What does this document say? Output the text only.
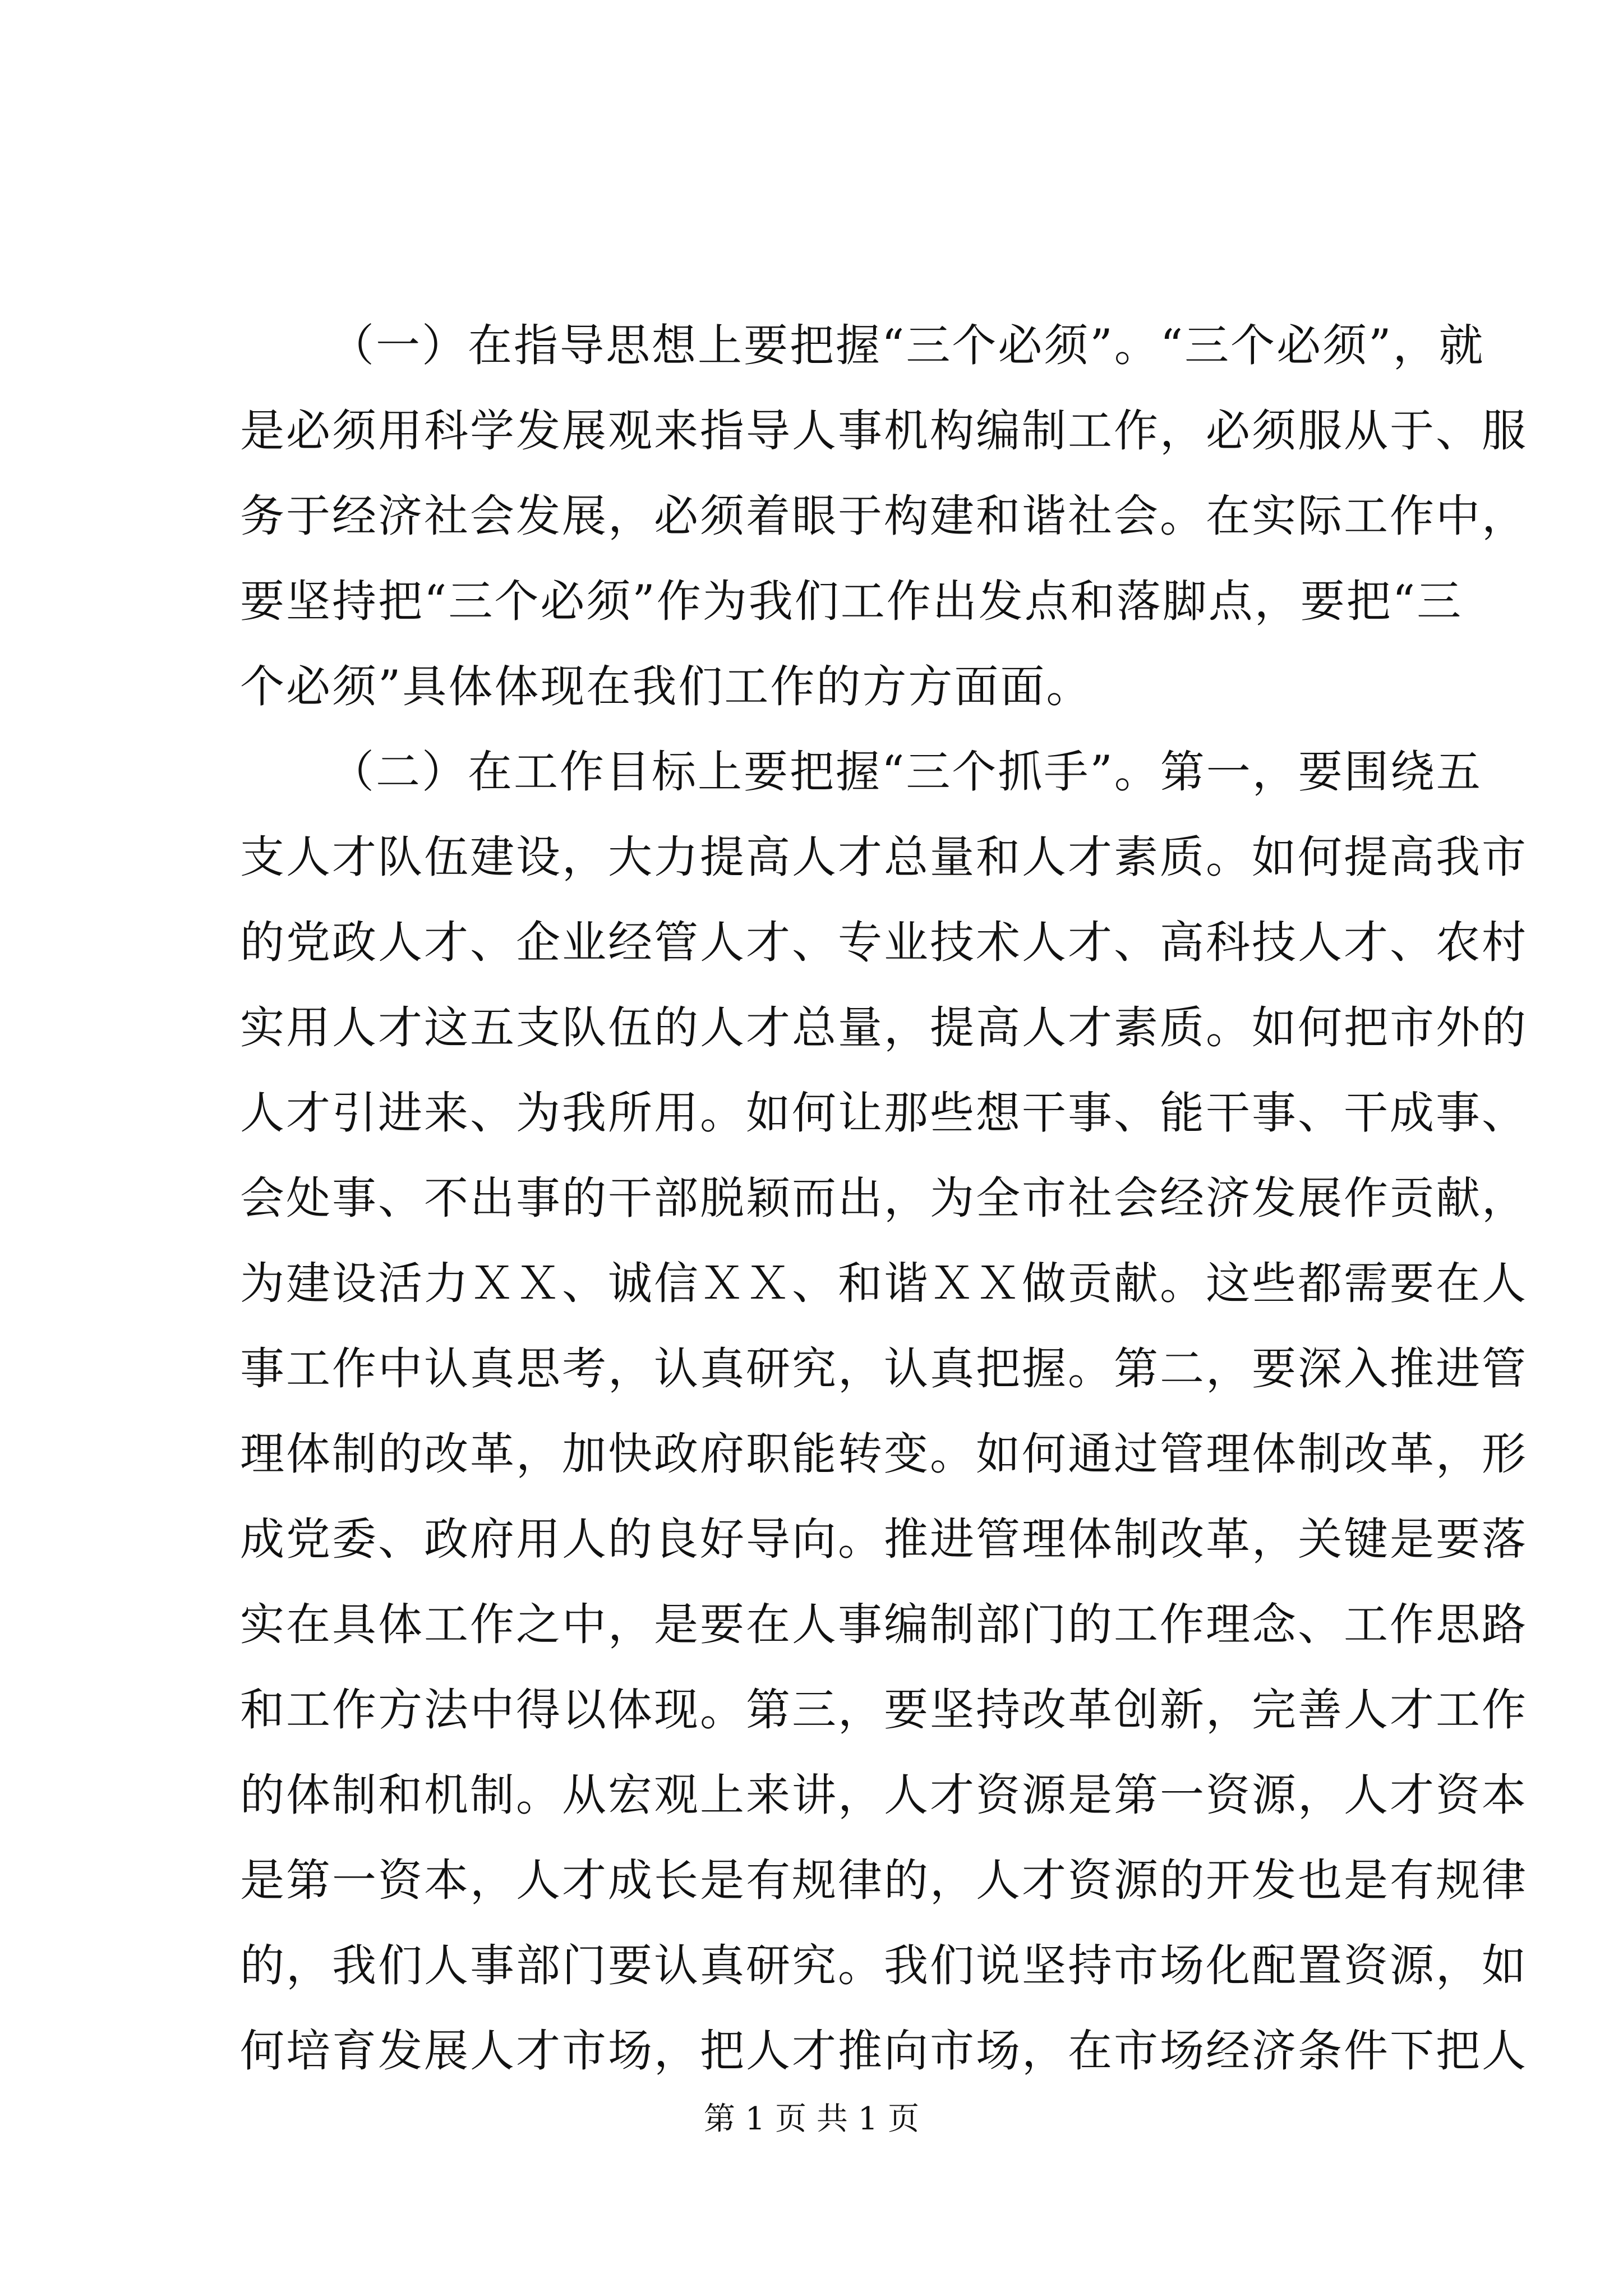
（一）在指导思想上要把握“三个必须”。“三个必须”，就
是必须用科学发展观来指导人事机构编制工作，必须服从于、服
务于经济社会发展，必须着眼于构建和谐社会。在实际工作中，
要坚持把“三个必须”作为我们工作出发点和落脚点，要把“三
个必须”具体体现在我们工作的方方面面。
（二）在工作目标上要把握“三个抓手”。第一，要围绕五
支人才队伍建设，大力提高人才总量和人才素质。如何提高我市
的党政人才、企业经管人才、专业技术人才、高科技人才、农村
实用人才这五支队伍的人才总量，提高人才素质。如何把市外的
人才引进来、为我所用。如何让那些想干事、能干事、干成事、
会处事、不出事的干部脱颖而出，为全市社会经济发展作贡献，
为建设活力ＸＸ、诚信ＸＸ、和谐ＸＸ做贡献。这些都需要在人
事工作中认真思考，认真研究，认真把握。第二，要深入推进管
理体制的改革，加快政府职能转变。如何通过管理体制改革，形
成党委、政府用人的良好导向。推进管理体制改革，关键是要落
实在具体工作之中，是要在人事编制部门的工作理念、工作思路
和工作方法中得以体现。第三，要坚持改革创新，完善人才工作
的体制和机制。从宏观上来讲，人才资源是第一资源，人才资本
是第一资本，人才成长是有规律的，人才资源的开发也是有规律
的，我们人事部门要认真研究。我们说坚持市场化配置资源，如
何培育发展人才市场，把人才推向市场，在市场经济条件下把人
第 1 页 共 1 页
